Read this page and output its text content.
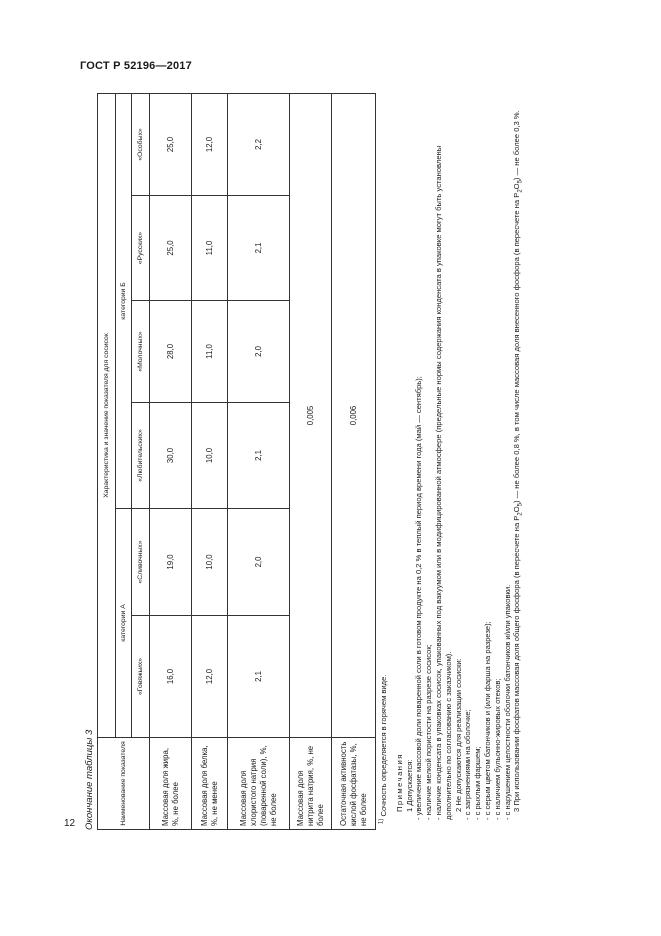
ГОСТ Р 52196—2017
Окончание таблицы 3	Наименование показателя	Характеристика и значение показателя для сосисок					
	категории А		категории Б			
	«Говяжьих»	«Сливочных»	«Любительских»	«Молочных»	«Русских»	«Особых»
Массовая доля жира, %, не более	16,0	19,0	30,0	28,0	25,0	25,0
Массовая доля белка, %, не менее	12,0	10,0	10,0	11,0	11,0	12,0
Массовая доля хлористого натрия (поваренной соли), %, не более	2,1	2,0	2,1	2,0	2,1	2,2
Массовая доля нитрита натрия, %, не более	0,005					
Остаточная активность кислой фосфатазы, %, не более	0,006					

$^{1)}$ Сочность определяется в горячем виде. Примечания 1 Допускается: - увеличение массовой доли поваренной соли в готовом продукте на 0,2 % в теплый период времени года (май — сентябрь); - наличие мелкой пористости на разрезе сосисок; - наличие конденсата в упаковках сосисок, упакованных под вакуумом или в модифицированной атмосфере (предельные нормы содержания конденсата в упаковке могут быть установлены дополнительно по согласованию с заказчиком). 2 Не допускаются для реализации сосиски: - с загрязнениями на оболочке; - с рыхлым фаршем; - с серым цветом батончиков и (или фарша на разрезе); - с наличием бульонно-жировых отеков; - с нарушением целостности оболочки батончиков и/или упаковки. 3 При использовании фосфатов массовая доля общего фосфора (в пересчете на $P_2O_5$) — не более 0,8 %, в том числе массовая доля внесенного фосфора (в пересчете на $P_2O_5$) — не более 0,3 %.

12
